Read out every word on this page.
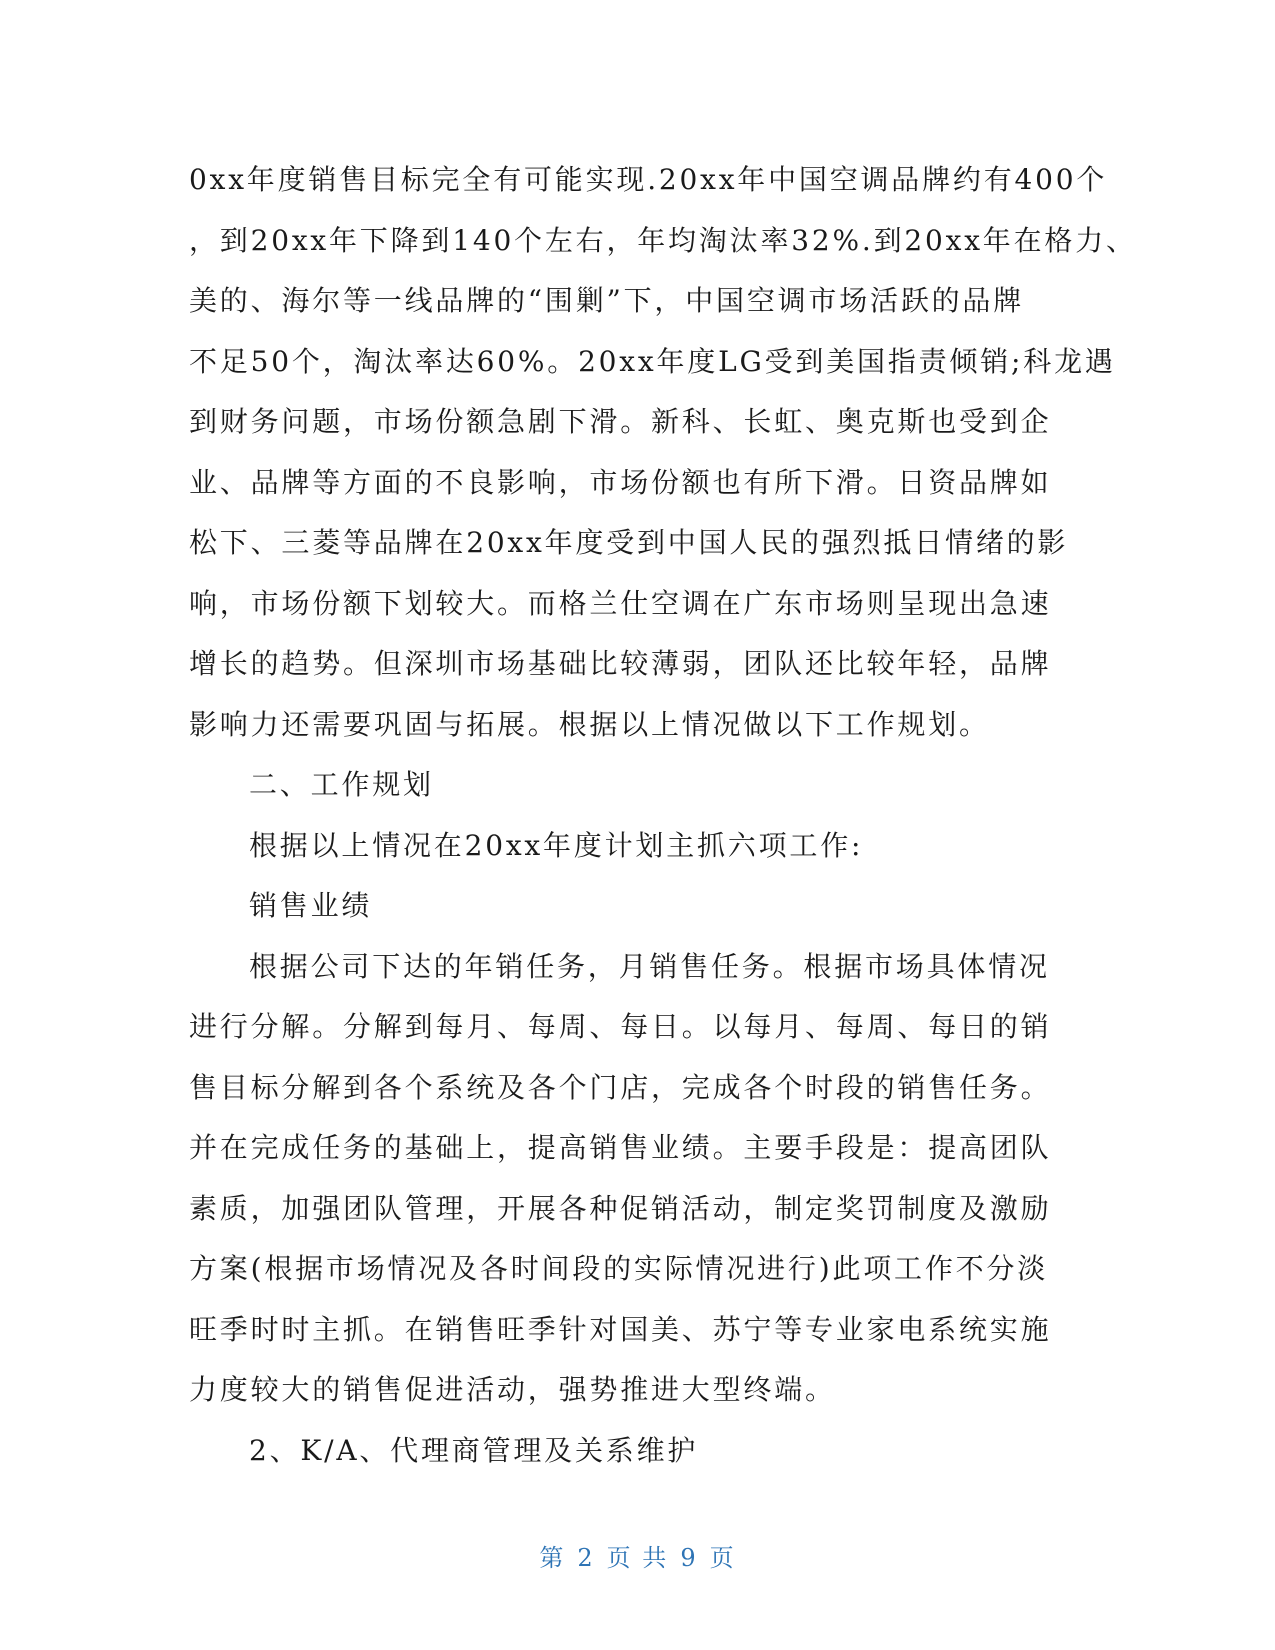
0xx年度销售目标完全有可能实现.20xx年中国空调品牌约有400个
，到20xx年下降到140个左右，年均淘汰率32%.到20xx年在格力、
美的、海尔等一线品牌的“围剿”下，中国空调市场活跃的品牌
不足50个，淘汰率达60%。20xx年度LG受到美国指责倾销;科龙遇
到财务问题，市场份额急剧下滑。新科、长虹、奥克斯也受到企
业、品牌等方面的不良影响，市场份额也有所下滑。日资品牌如
松下、三菱等品牌在20xx年度受到中国人民的强烈抵日情绪的影
响，市场份额下划较大。而格兰仕空调在广东市场则呈现出急速
增长的趋势。但深圳市场基础比较薄弱，团队还比较年轻，品牌
影响力还需要巩固与拓展。根据以上情况做以下工作规划。
二、工作规划
根据以上情况在20xx年度计划主抓六项工作:
销售业绩
根据公司下达的年销任务，月销售任务。根据市场具体情况
进行分解。分解到每月、每周、每日。以每月、每周、每日的销
售目标分解到各个系统及各个门店，完成各个时段的销售任务。
并在完成任务的基础上，提高销售业绩。主要手段是：提高团队
素质，加强团队管理，开展各种促销活动，制定奖罚制度及激励
方案(根据市场情况及各时间段的实际情况进行)此项工作不分淡
旺季时时主抓。在销售旺季针对国美、苏宁等专业家电系统实施
力度较大的销售促进活动，强势推进大型终端。
2、K/A、代理商管理及关系维护
第 2 页 共 9 页
